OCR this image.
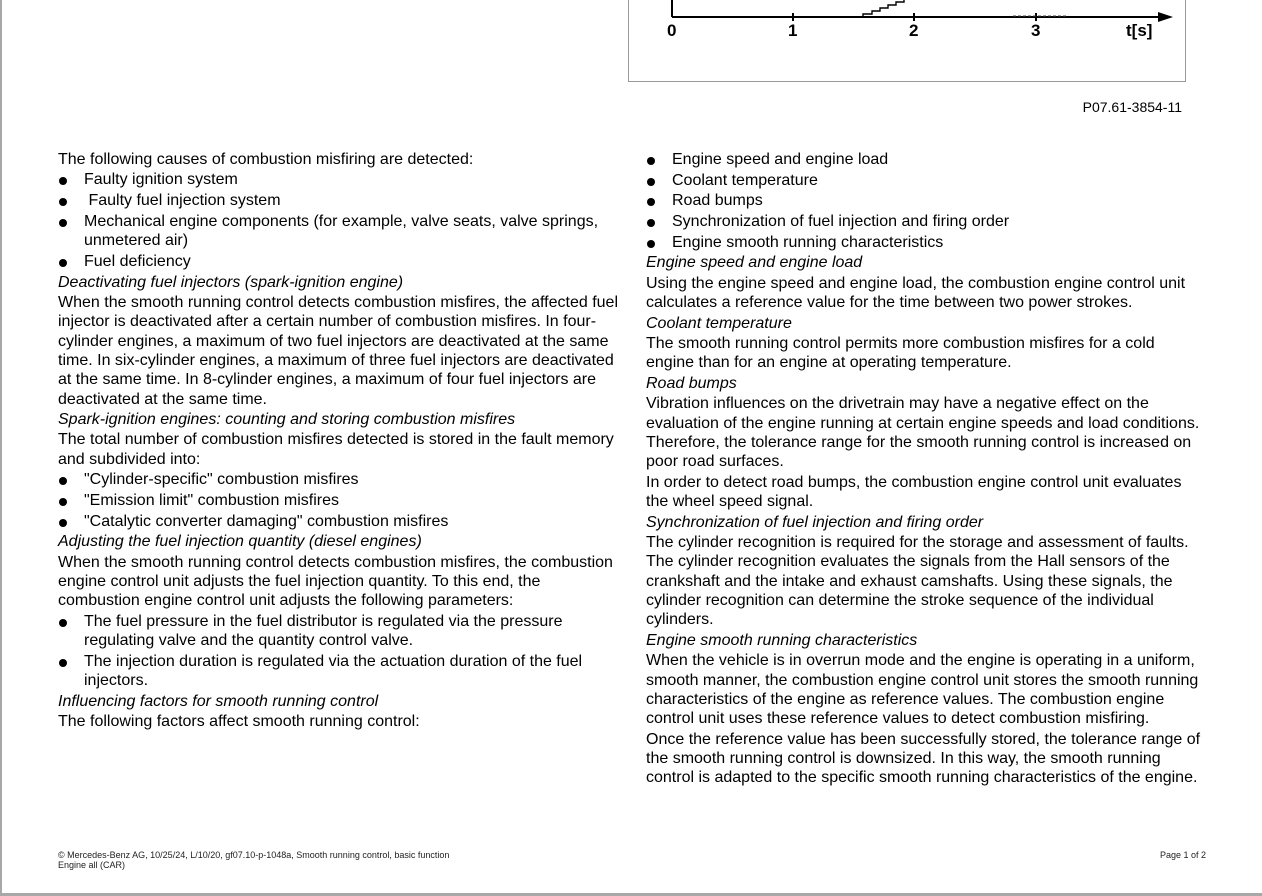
0	1	2	3	t[s]
P07.61-3854-11

The following causes of combustion misfiring are detected:

Faulty ignition system
Faulty fuel injection system
Mechanical engine components (for example, valve seats, valve springs, unmetered air)
Fuel deficiency

Deactivating fuel injectors (spark-ignition engine)

When the smooth running control detects combustion misfires, the affected fuel injector is deactivated after a certain number of combustion misfires. In four-cylinder engines, a maximum of two fuel injectors are deactivated at the same time. In six-cylinder engines, a maximum of three fuel injectors are deactivated at the same time. In 8-cylinder engines, a maximum of four fuel injectors are deactivated at the same time.

Spark-ignition engines: counting and storing combustion misfires

The total number of combustion misfires detected is stored in the fault memory and subdivided into:

"Cylinder-specific" combustion misfires
"Emission limit" combustion misfires
"Catalytic converter damaging" combustion misfires

Adjusting the fuel injection quantity (diesel engines)

When the smooth running control detects combustion misfires, the combustion engine control unit adjusts the fuel injection quantity. To this end, the combustion engine control unit adjusts the following parameters:

The fuel pressure in the fuel distributor is regulated via the pressure regulating valve and the quantity control valve.
The injection duration is regulated via the actuation duration of the fuel injectors.

Influencing factors for smooth running control

The following factors affect smooth running control:

Engine speed and engine load
Coolant temperature
Road bumps
Synchronization of fuel injection and firing order
Engine smooth running characteristics

Engine speed and engine load

Using the engine speed and engine load, the combustion engine control unit calculates a reference value for the time between two power strokes.

Coolant temperature

The smooth running control permits more combustion misfires for a cold engine than for an engine at operating temperature.

Road bumps

Vibration influences on the drivetrain may have a negative effect on the evaluation of the engine running at certain engine speeds and load conditions. Therefore, the tolerance range for the smooth running control is increased on poor road surfaces.

In order to detect road bumps, the combustion engine control unit evaluates the wheel speed signal.

Synchronization of fuel injection and firing order

The cylinder recognition is required for the storage and assessment of faults. The cylinder recognition evaluates the signals from the Hall sensors of the crankshaft and the intake and exhaust camshafts. Using these signals, the cylinder recognition can determine the stroke sequence of the individual cylinders.

Engine smooth running characteristics

When the vehicle is in overrun mode and the engine is operating in a uniform, smooth manner, the combustion engine control unit stores the smooth running characteristics of the engine as reference values. The combustion engine control unit uses these reference values to detect combustion misfiring.

Once the reference value has been successfully stored, the tolerance range of the smooth running control is downsized. In this way, the smooth running control is adapted to the specific smooth running characteristics of the engine.

© Mercedes-Benz AG, 10/25/24, L/10/20, gf07.10-p-1048a, Smooth running control, basic function
Engine all (CAR)
Page 1 of 2
